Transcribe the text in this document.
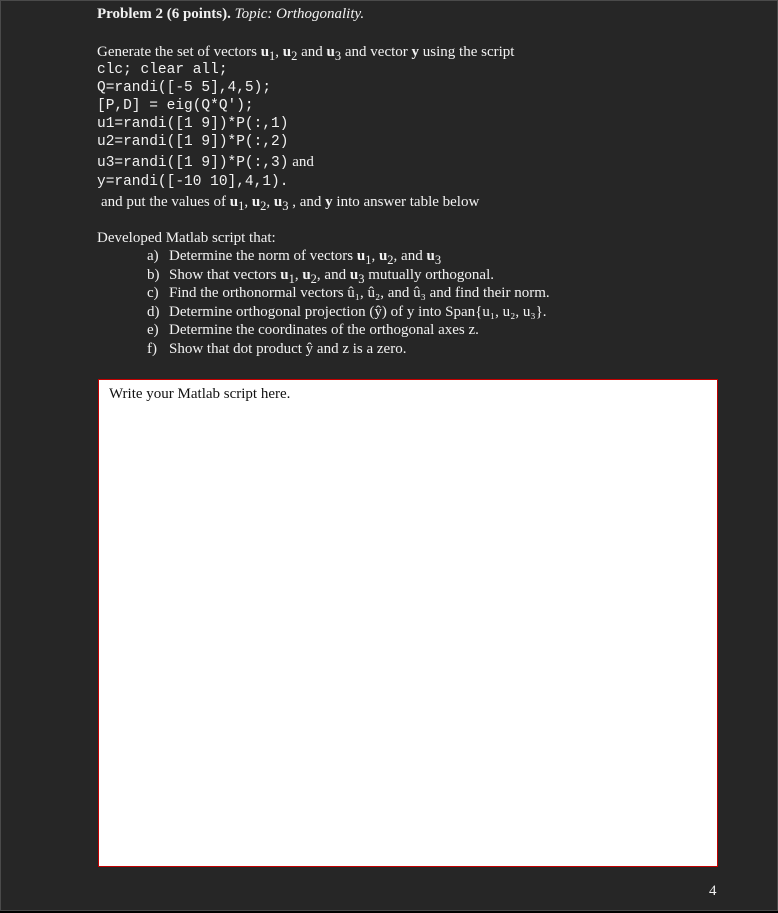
Problem 2 (6 points). Topic: Orthogonality.
Generate the set of vectors $u_1$, $u_2$ and $u_3$ and vector y using the script
clc; clear all;
Q=randi([-5 5],4,5);
[P,D] = eig(Q*Q');
u1=randi([1 9])*P(:,1)
u2=randi([1 9])*P(:,2)
u3=randi([1 9])*P(:,3) and
y=randi([-10 10],4,1).
and put the values of $u_1$, $u_2$, $u_3$ , and y into answer table below
Developed Matlab script that:
a) Determine the norm of vectors $u_1$, $u_2$, and $u_3$
b) Show that vectors $u_1$, $u_2$, and $u_3$ mutually orthogonal.
c) Find the orthonormal vectors û₁, û₂, and û₃ and find their norm.
d) Determine orthogonal projection (ŷ) of y into Span{u₁, u₂, u₃}.
e) Determine the coordinates of the orthogonal axes z.
f) Show that dot product ŷ and z is a zero.
Write your Matlab script here.
4
